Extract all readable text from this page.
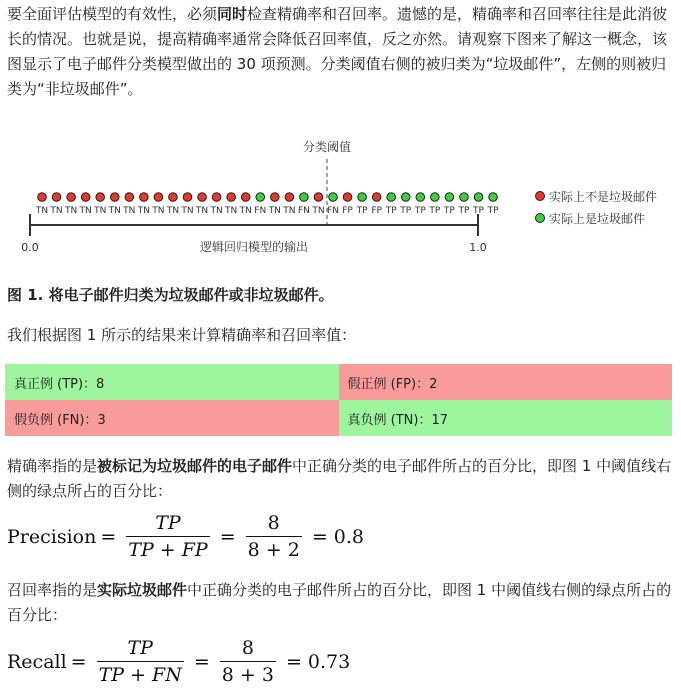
要全面评估模型的有效性，必须同时检查精确率和召回率。遗憾的是，精确率和召回率往往是此消彼长的情况。也就是说，提高精确率通常会降低召回率值，反之亦然。请观察下图来了解这一概念，该图显示了电子邮件分类模型做出的 30 项预测。分类阈值右侧的被归类为“垃圾邮件”，左侧的则被归类为“非垃圾邮件”。
分类阈值
TN TN TN TN TN TN TN TN TN TN TN TN TN TN TN FN TN TN FN TN FN FP TP FP TP TP TP TP TP TP TP TP
0.0	1.0
逻辑回归模型的输出
实际上不是垃圾邮件
实际上是垃圾邮件
图 1. 将电子邮件归类为垃圾邮件或非垃圾邮件。
我们根据图 1 所示的结果来计算精确率和召回率值：
真正例 (TP)：8	假正例 (FP)：2
假负例 (FN)：3	真负例 (TN)：17
精确率指的是被标记为垃圾邮件的电子邮件中正确分类的电子邮件所占的百分比，即图 1 中阈值线右侧的绿点所占的百分比：
Precision = $\frac{TP}{TP + FP} = \frac{8}{8 + 2} = 0.8$
召回率指的是实际垃圾邮件中正确分类的电子邮件所占的百分比，即图 1 中阈值线右侧的绿点所占的百分比：
Recall = $\frac{TP}{TP + FN} = \frac{8}{8 + 3} = 0.73$
